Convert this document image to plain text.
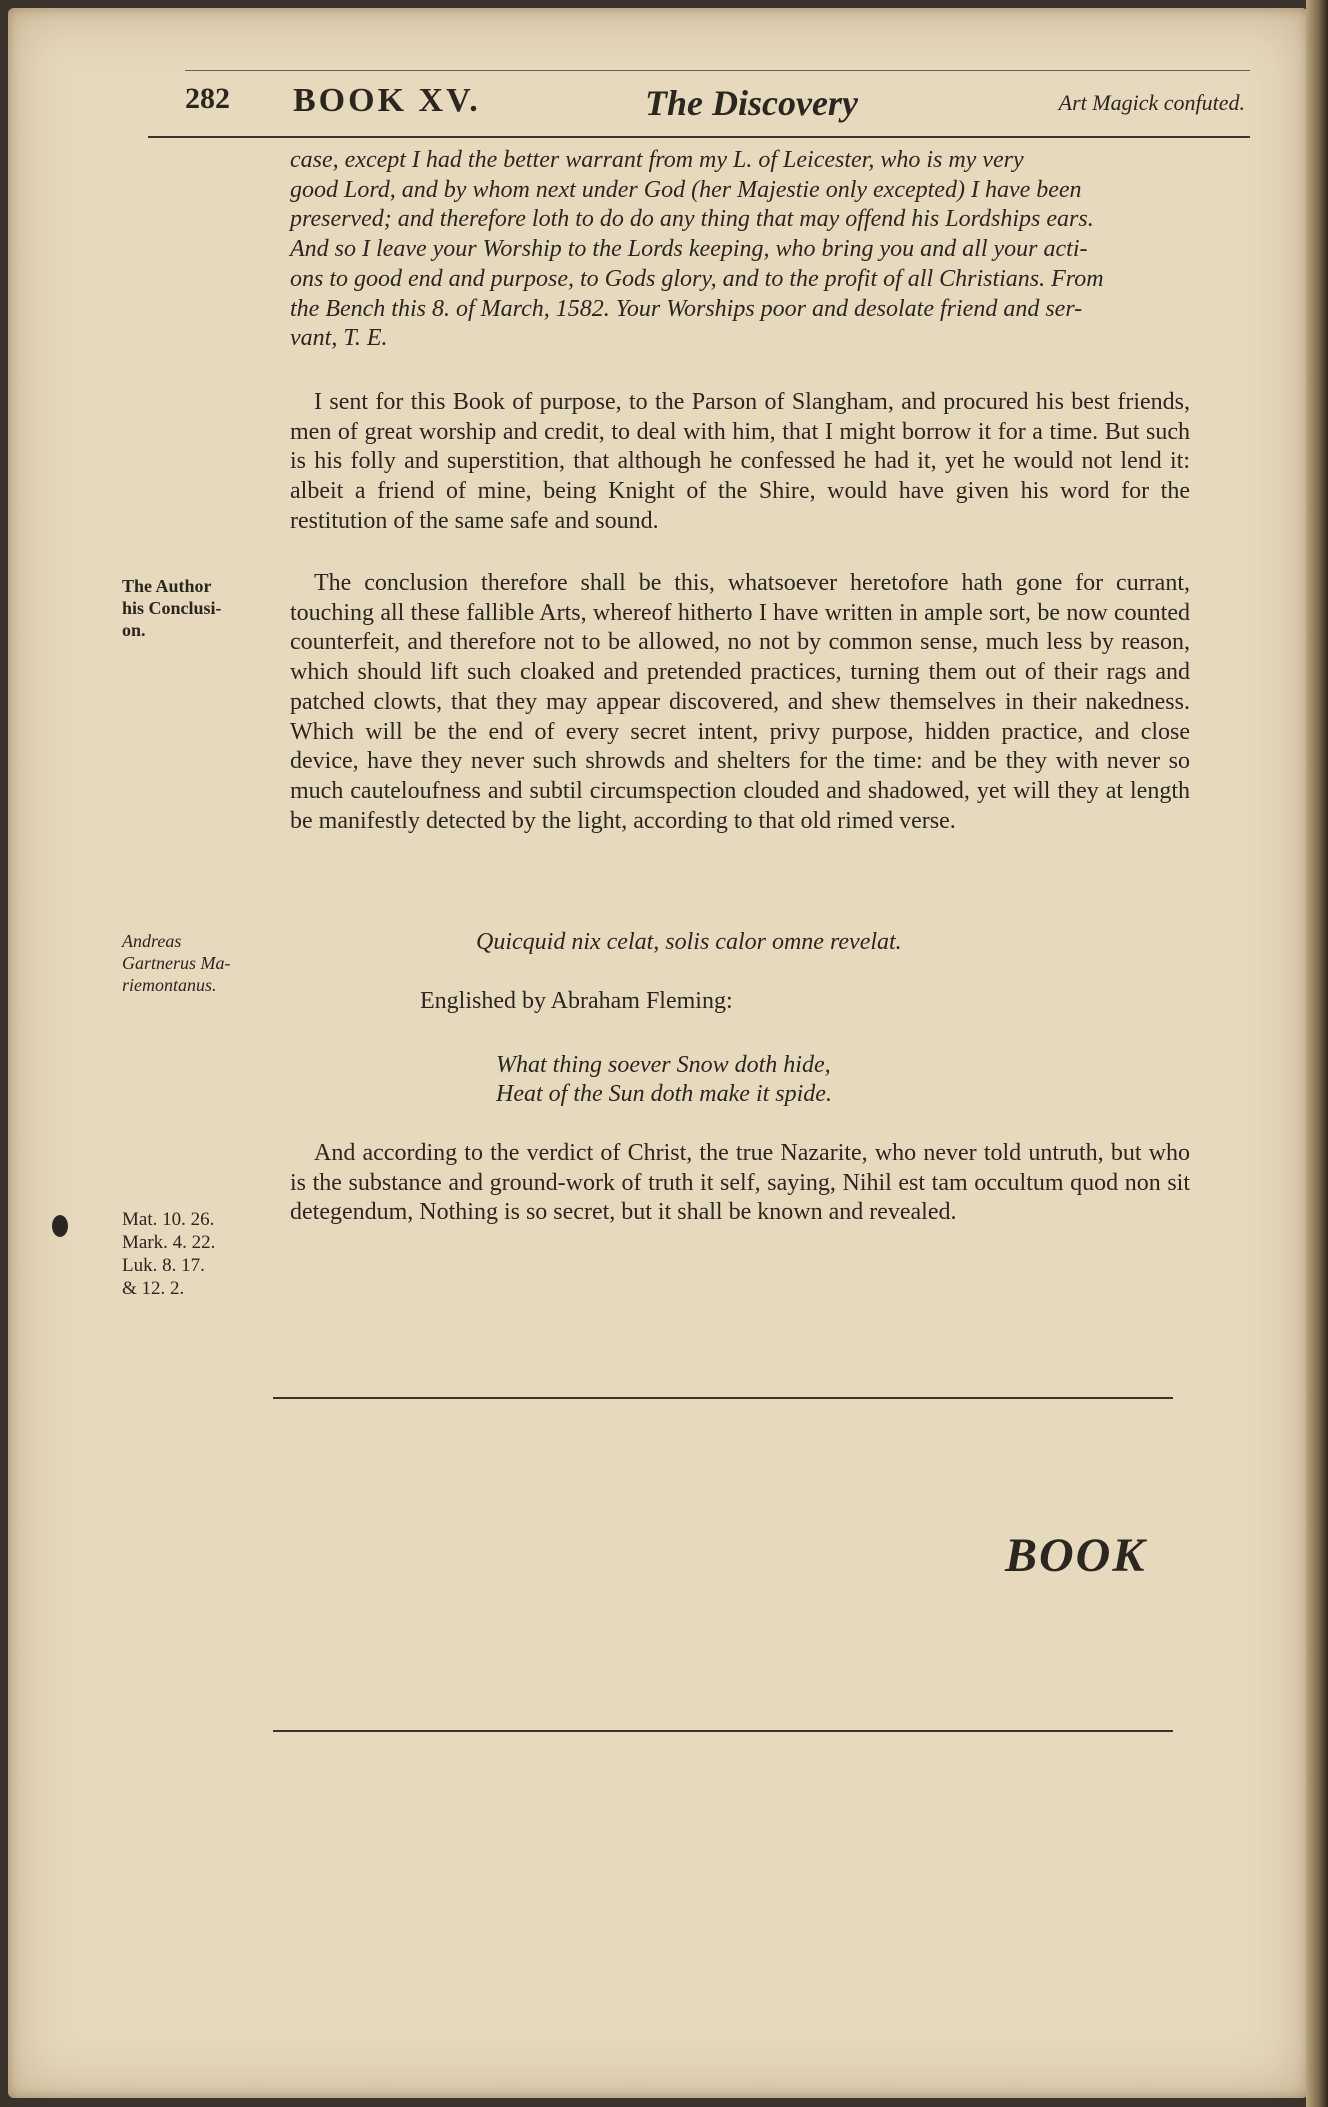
282 BOOK XV.	The Discovery	Art Magick confuted.
case, except I had the better warrant from my L. of Leicester, who is my very
good Lord, and by whom next under God (her Majestie only excepted) I have been
preserved; and therefore loth to do do any thing that may offend his Lordships ears.
And so I leave your Worship to the Lords keeping, who bring you and all your acti-
ons to good end and purpose, to Gods glory, and to the profit of all Christians. From
the Bench this 8. of March, 1582. Your Worships poor and desolate friend and ser-
vant, T. E.
I sent for this Book of purpose, to the Parson of Slangham, and procured his best friends, men of great worship and credit, to deal with him, that I might borrow it for a time. But such is his folly and superstition, that although he confessed he had it, yet he would not lend it: albeit a friend of mine, being Knight of the Shire, would have given his word for the restitution of the same safe and sound.
The Author
his Conclusi-
on.
The conclusion therefore shall be this, whatsoever heretofore hath gone for currant, touching all these fallible Arts, whereof hitherto I have written in ample sort, be now counted counterfeit, and therefore not to be allowed, no not by common sense, much less by reason, which should lift such cloaked and pretended practices, turning them out of their rags and patched clowts, that they may appear discovered, and shew themselves in their nakedness. Which will be the end of every secret intent, privy purpose, hidden practice, and close device, have they never such shrowds and shelters for the time: and be they with never so much cauteloufness and subtil circumspection clouded and shadowed, yet will they at length be manifestly detected by the light, according to that old rimed verse.
Andreas
Gartnerus Ma-
riemontanus.
Quicquid nix celat, solis calor omne revelat.
Englished by Abraham Fleming:
What thing soever Snow doth hide,
Heat of the Sun doth make it spide.
Mat. 10. 26.
Mark. 4. 22.
Luk. 8. 17.
& 12. 2.
And according to the verdict of Christ, the true Nazarite, who never told untruth, but who is the substance and ground-work of truth it self, saying, Nihil est tam occultum quod non sit detegendum, Nothing is so secret, but it shall be known and revealed.
BOOK
